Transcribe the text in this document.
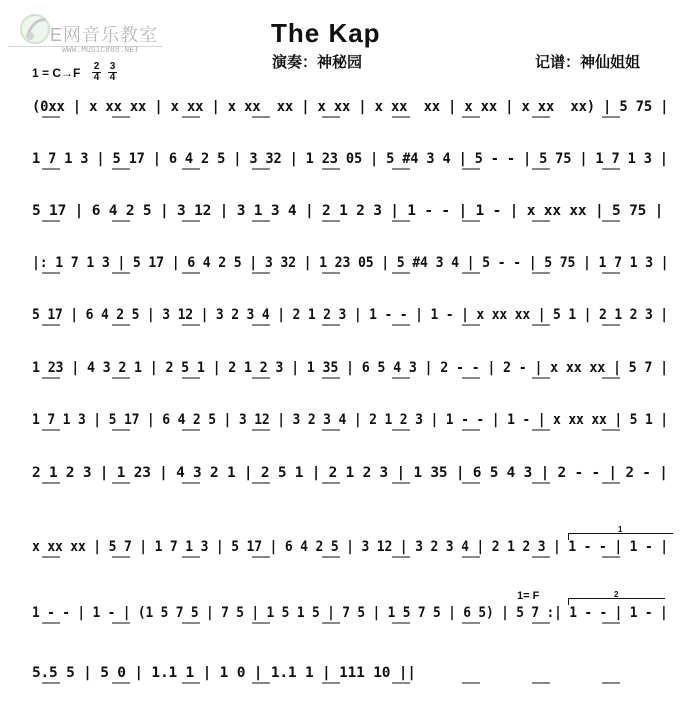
E网音乐教室
WWW.MUSIC888.NET
The Kap
演奏：神秘园	记谱：神仙姐姐
1 = C→F 2
4
3
4
(0xx | x xx xx | x xx | x xx  xx | x xx | x xx  xx | x xx | x xx  xx) | 5 75 |
1 7 1 3 | 5 17 | 6 4 2 5 | 3 32 | 1 23 05 | 5 #4 3 4 | 5 - - | 5 75 | 1 7 1 3 |
5 17 | 6 4 2 5 | 3 12 | 3 1 3 4 | 2 1 2 3 | 1 - - | 1 - | x xx xx | 5 75 |
|: 1 7 1 3 | 5 17 | 6 4 2 5 | 3 32 | 1 23 05 | 5 #4 3 4 | 5 - - | 5 75 | 1 7 1 3 |
5 17 | 6 4 2 5 | 3 12 | 3 2 3 4 | 2 1 2 3 | 1 - - | 1 - | x xx xx | 5 1 | 2 1 2 3 |
1 23 | 4 3 2 1 | 2 5 1 | 2 1 2 3 | 1 35 | 6 5 4 3 | 2 - - | 2 - | x xx xx | 5 7 |
1 7 1 3 | 5 17 | 6 4 2 5 | 3 12 | 3 2 3 4 | 2 1 2 3 | 1 - - | 1 - | x xx xx | 5 1 |
2 1 2 3 | 1 23 | 4 3 2 1 | 2 5 1 | 2 1 2 3 | 1 35 | 6 5 4 3 | 2 - - | 2 - |
x xx xx | 5 7 | 1 7 1 3 | 5 17 | 6 4 2 5 | 3 12 | 3 2 3 4 | 2 1 2 3 | 1 - - | 1 - |
1 - - | 1 - | (1 5 7 5 | 7 5 | 1 5 1 5 | 7 5 | 1 5 7 5 | 6 5) | 5 7 :| 1 - - | 1 - |
5.5 5 | 5 0 | 1.1 1 | 1 0 | 1.1 1 | 111 10 ||
1= F
1
2
